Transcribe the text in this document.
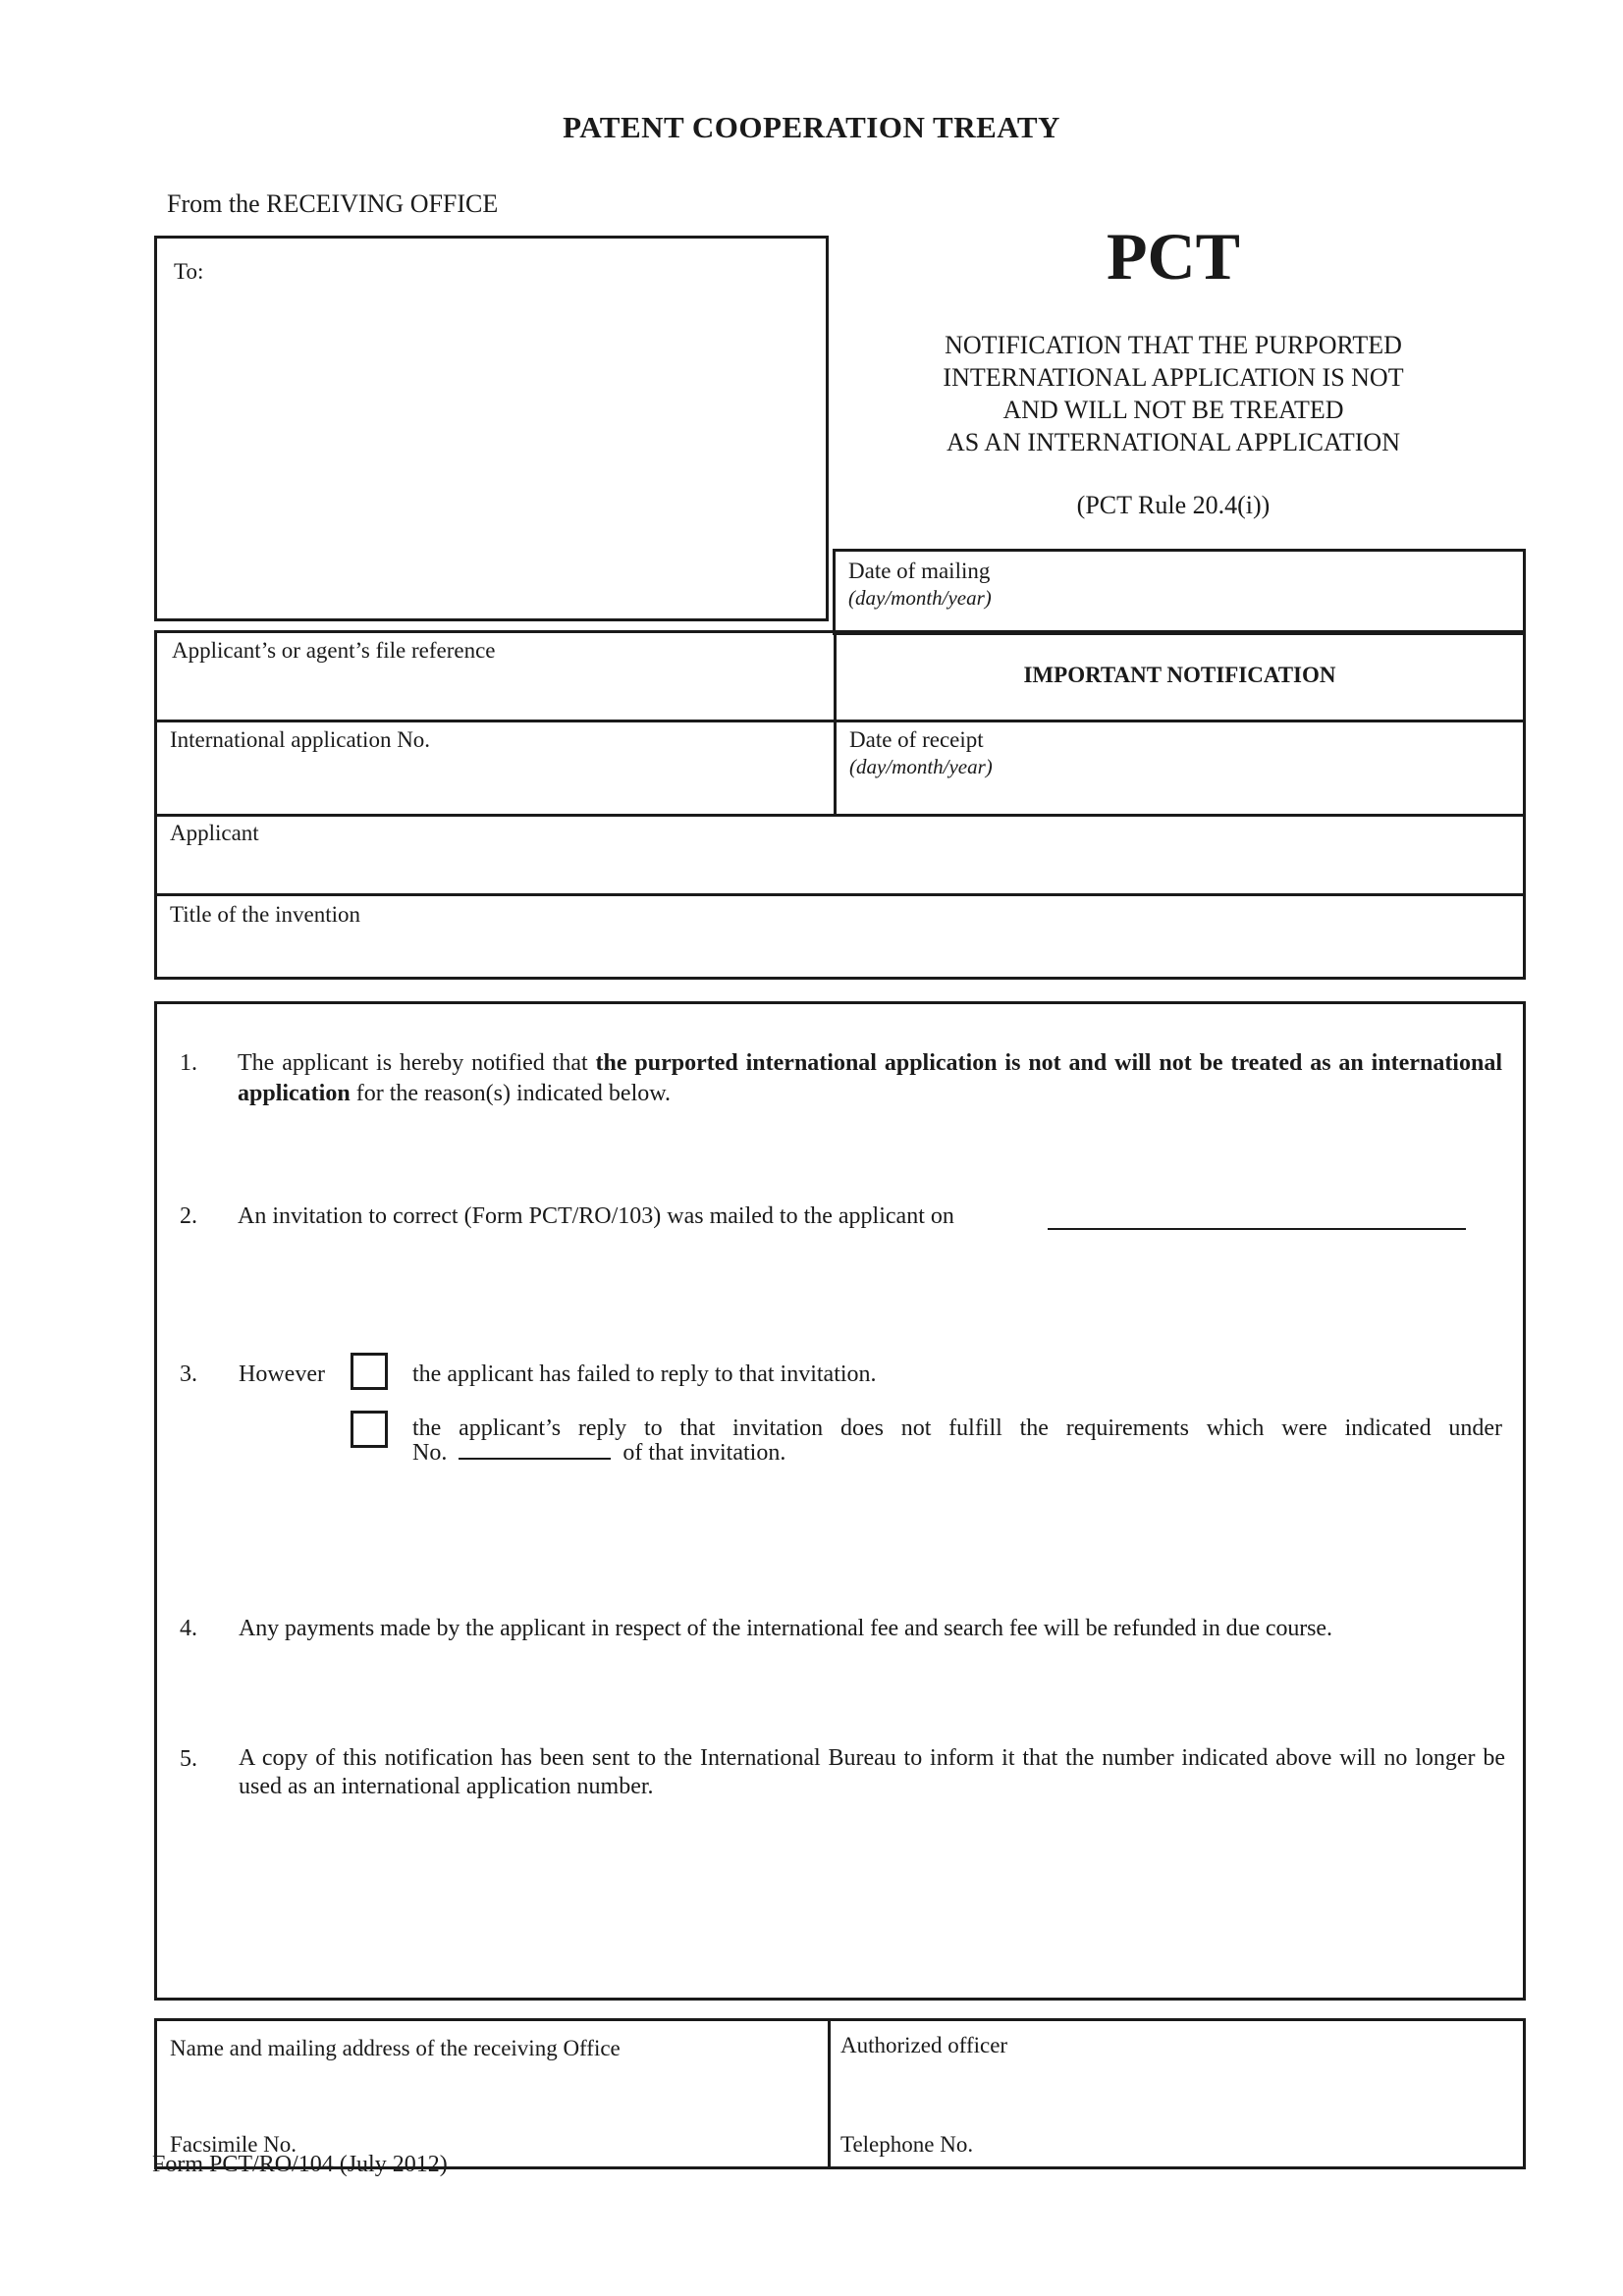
PATENT COOPERATION TREATY
From the RECEIVING OFFICE
To:	PCT
NOTIFICATION THAT THE PURPORTED
INTERNATIONAL APPLICATION IS NOT
AND WILL NOT BE TREATED
AS AN INTERNATIONAL APPLICATION
(PCT Rule 20.4(i))
Date of mailing
(day/month/year)
Applicant’s or agent’s file reference
IMPORTANT NOTIFICATION
International application No.	Date of receipt
(day/month/year)
Applicant
Title of the invention
1.	The applicant is hereby notified that the purported international application is not and will not be treated as an international application for the reason(s) indicated below.
2.	An invitation to correct (Form PCT/RO/103) was mailed to the applicant on
3.	However	the applicant has failed to reply to that invitation.
the applicant’s reply to that invitation does not fulfill the requirements which were indicated under
No.	of that invitation.
4.	Any payments made by the applicant in respect of the international fee and search fee will be refunded in due course.
5.	A copy of this notification has been sent to the International Bureau to inform it that the number indicated above will no longer be used as an international application number.
Name and mailing address of the receiving Office
Facsimile No.
Authorized officer
Telephone No.
Form PCT/RO/104 (July 2012)
